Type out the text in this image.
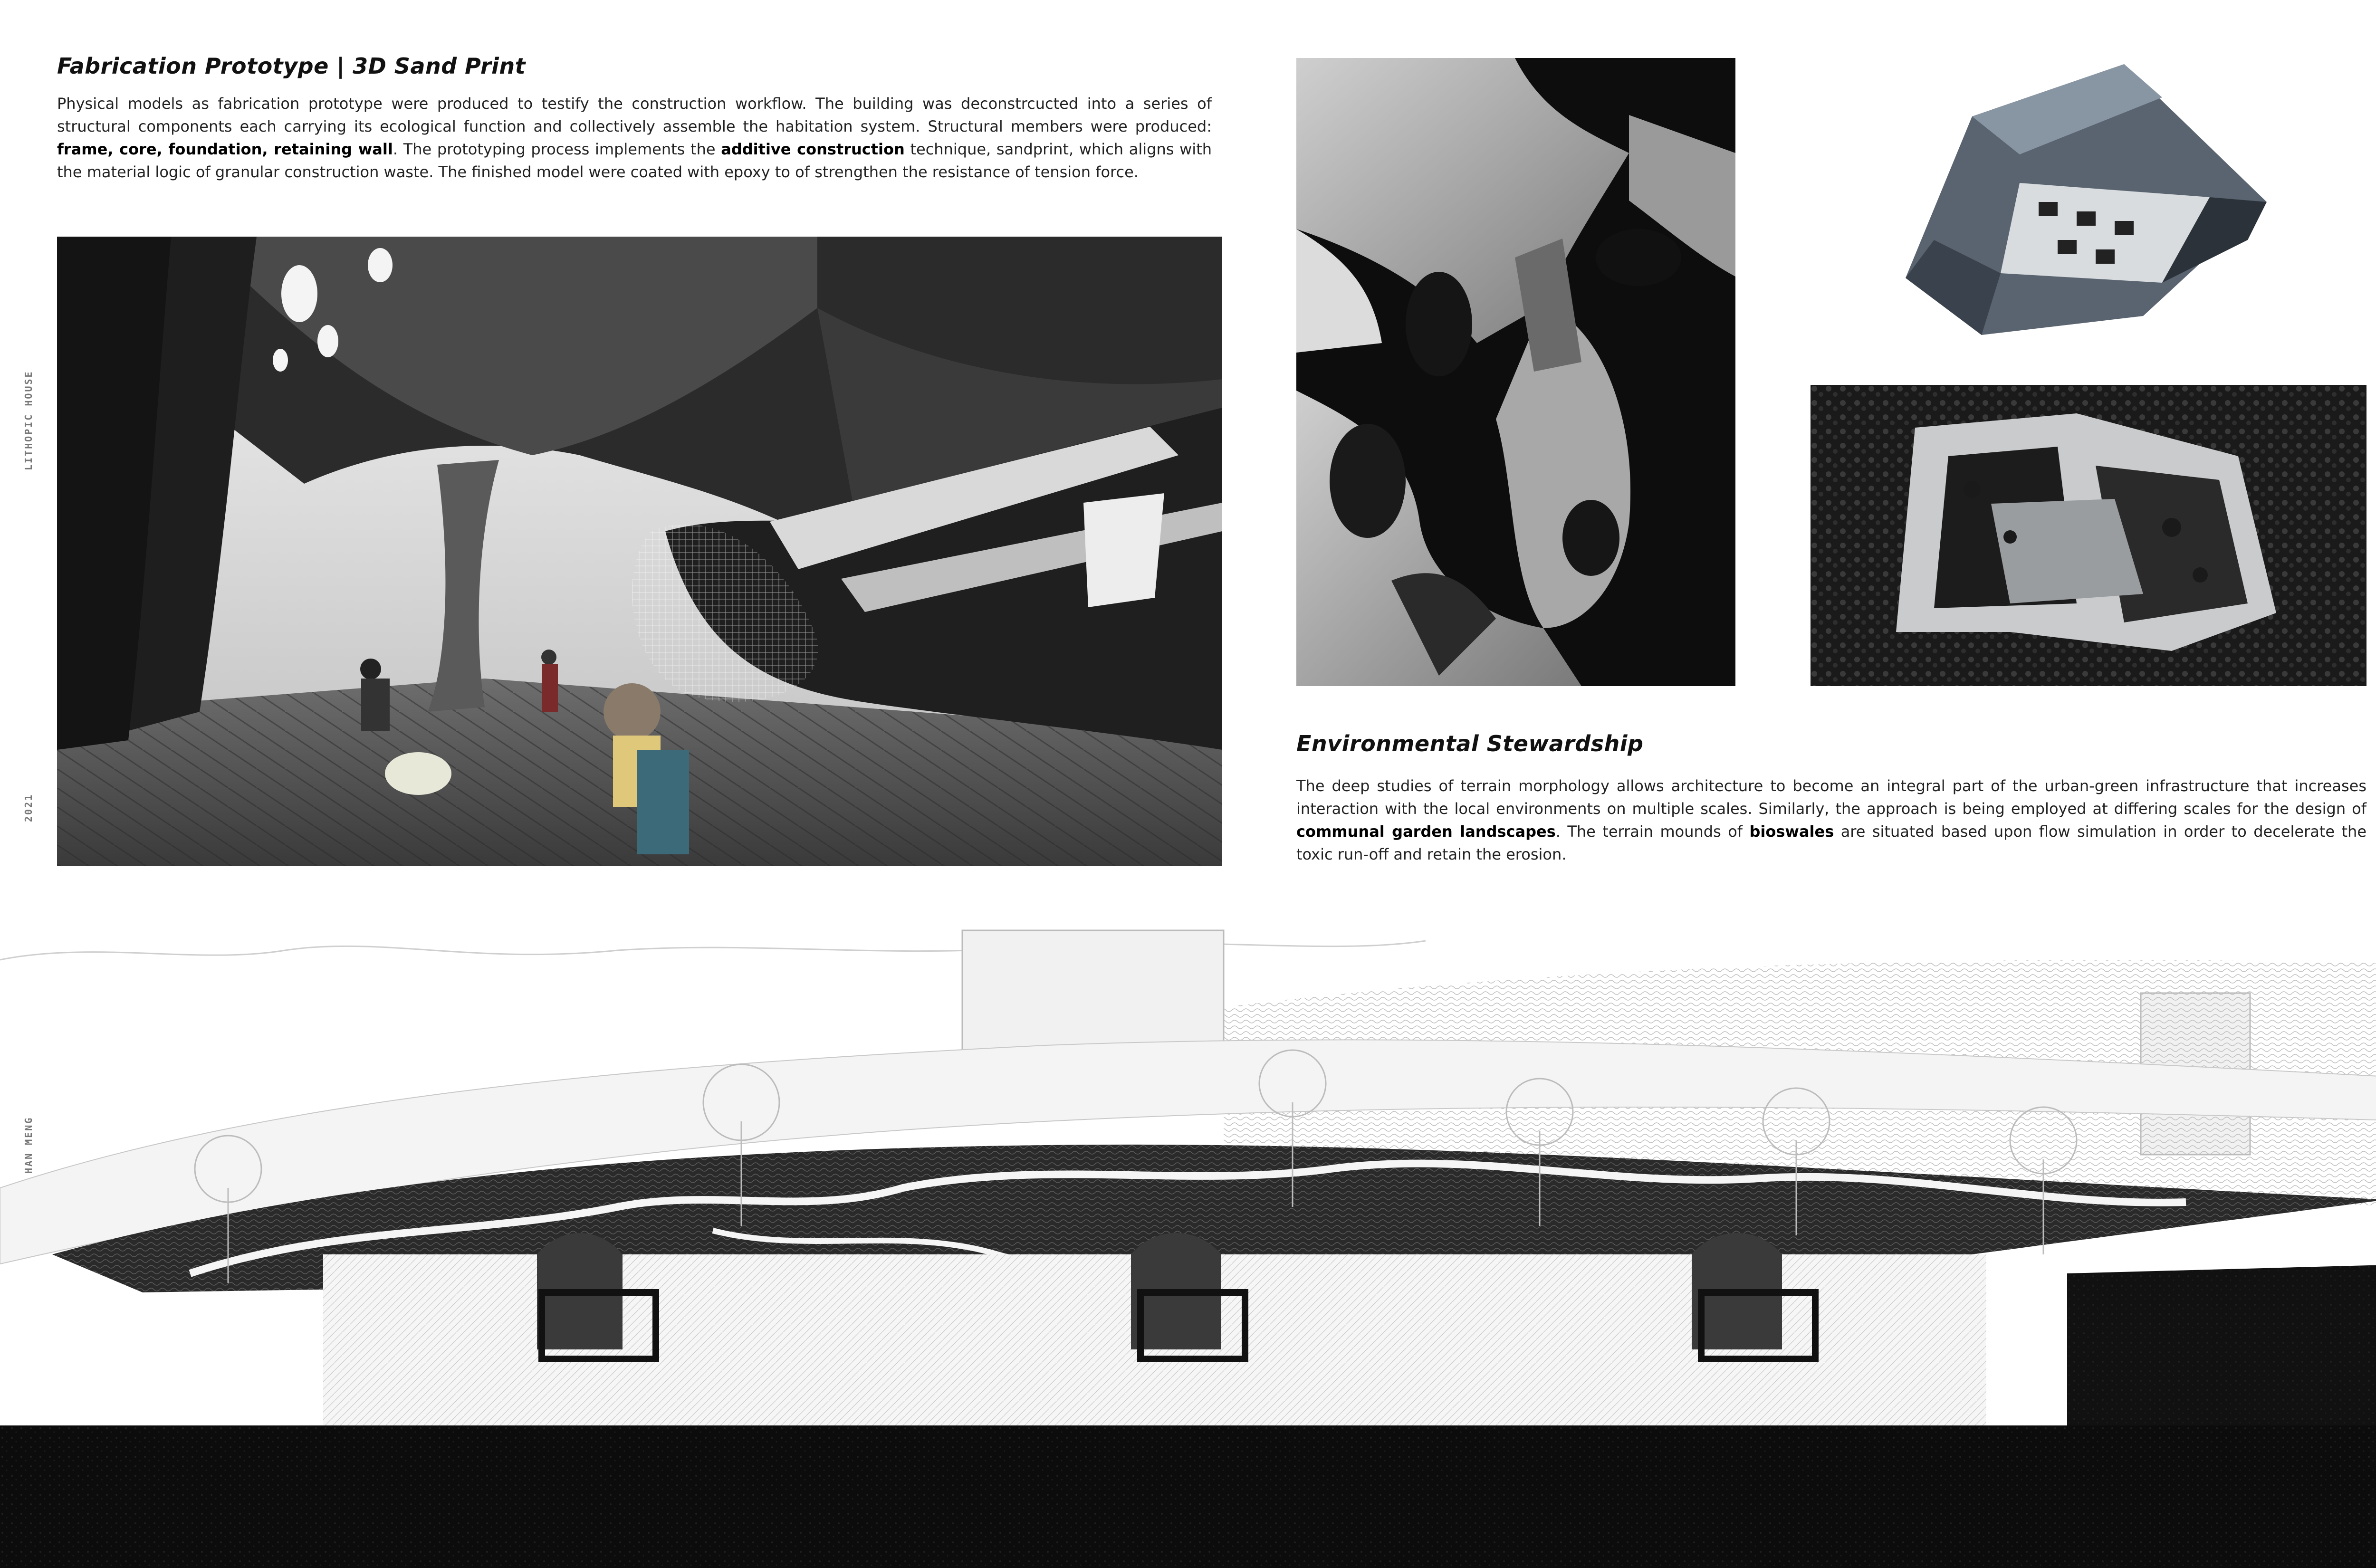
Fabrication Prototype | 3D Sand Print
Physical models as fabrication prototype were produced to testify the construction workflow. The building was deconstrcucted into a series of structural components each carrying its ecological function and collectively assemble the habitation system. Structural members were produced: frame, core, foundation, retaining wall. The prototyping process implements the additive construction technique, sandprint, which aligns with the material logic of granular construction waste. The finished model were coated with epoxy to of strengthen the resistance of tension force.
Environmental Stewardship
The deep studies of terrain morphology allows architecture to become an integral part of the urban-green infrastructure that increases interaction with the local environments on multiple scales. Similarly, the approach is being employed at differing scales for the design of communal garden landscapes. The terrain mounds of bioswales are situated based upon flow simulation in order to decelerate the toxic run-off and retain the erosion.
LITHOPIC HOUSE
2021
HAN MENG
